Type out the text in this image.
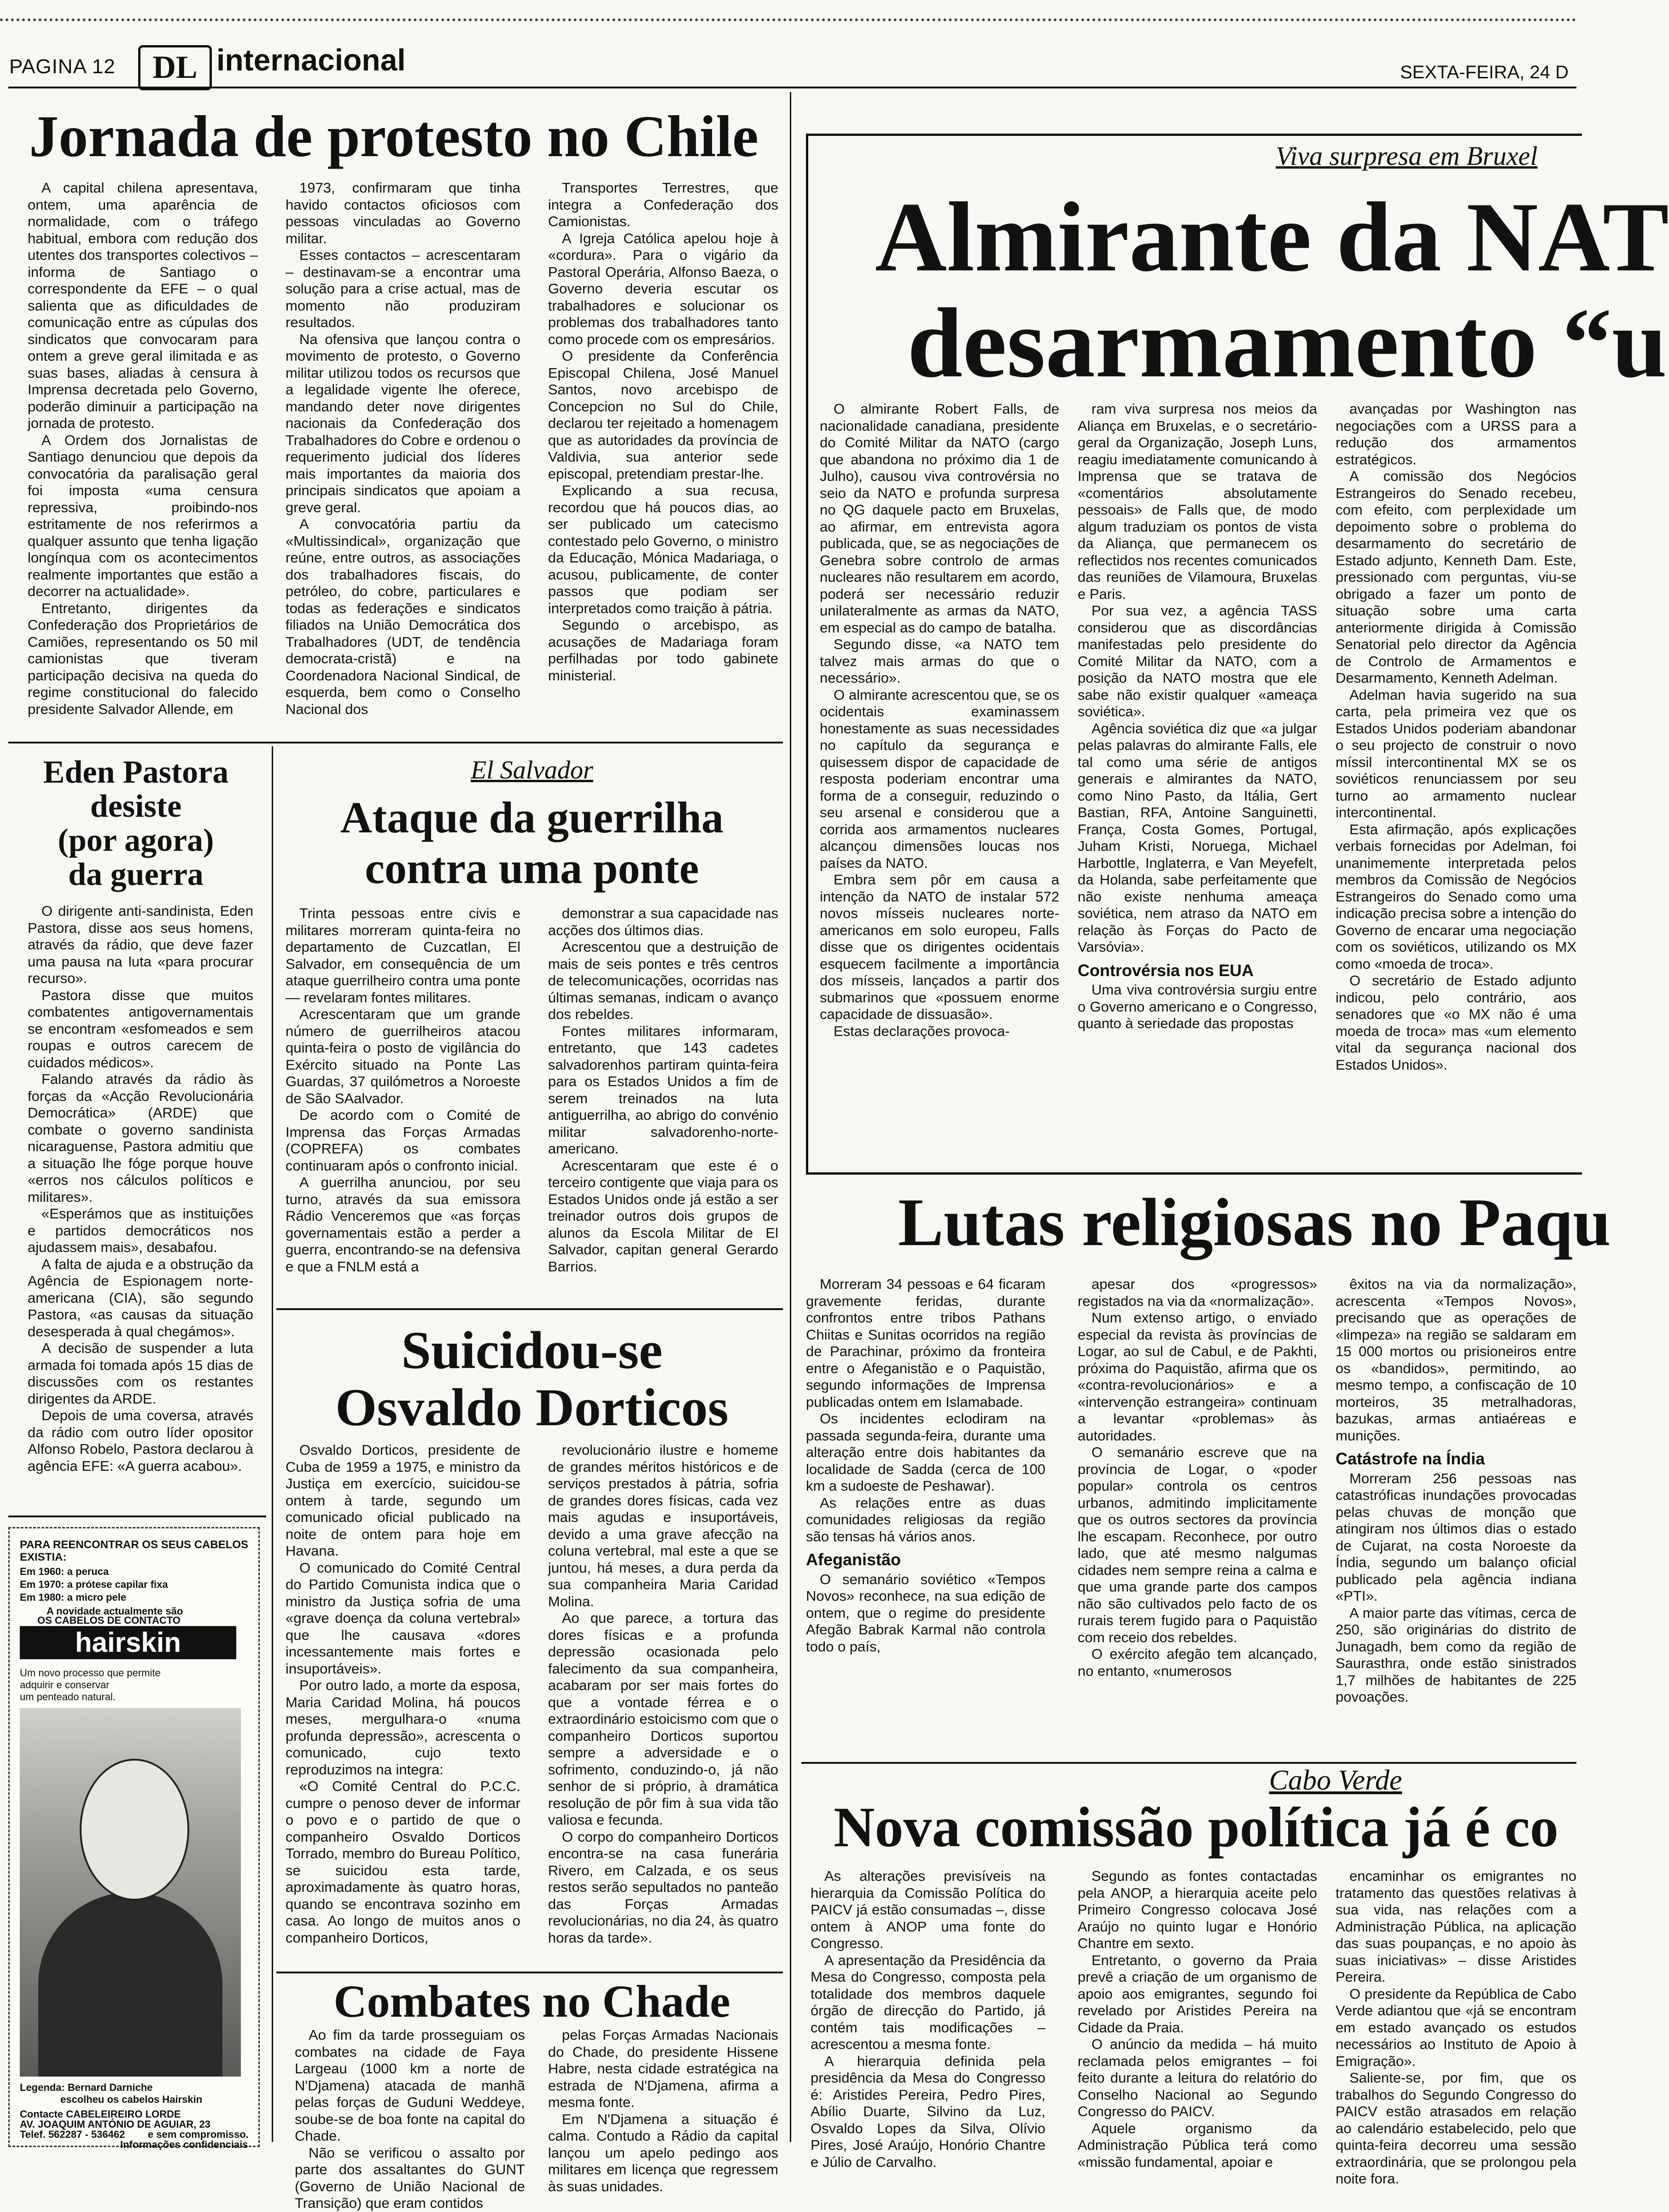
PAGINA 12	DL internacional	SEXTA-FEIRA, 24 D
Jornada de protesto no Chile

A capital chilena apresentava, ontem, uma aparência de normalidade, com o tráfego habitual, embora com redução dos utentes dos transportes colectivos – informa de Santiago o correspondente da EFE – o qual salienta que as dificuldades de comunicação entre as cúpulas dos sindicatos que convocaram para ontem a greve geral ilimitada e as suas bases, aliadas à censura à Imprensa decretada pelo Governo, poderão diminuir a participação na jornada de protesto.

A Ordem dos Jornalistas de Santiago denunciou que depois da convocatória da paralisação geral foi imposta «uma censura repressiva, proibindo-nos estritamente de nos referirmos a qualquer assunto que tenha ligação longínqua com os acontecimentos realmente importantes que estão a decorrer na actualidade».

Entretanto, dirigentes da Confederação dos Proprietários de Camiões, representando os 50 mil camionistas que tiveram participação decisiva na queda do regime constitucional do falecido presidente Salvador Allende, em

1973, confirmaram que tinha havido contactos oficiosos com pessoas vinculadas ao Governo militar.

Esses contactos – acrescentaram – destinavam-se a encontrar uma solução para a crise actual, mas de momento não produziram resultados.

Na ofensiva que lançou contra o movimento de protesto, o Governo militar utilizou todos os recursos que a legalidade vigente lhe oferece, mandando deter nove dirigentes nacionais da Confederação dos Trabalhadores do Cobre e ordenou o requerimento judicial dos líderes mais importantes da maioria dos principais sindicatos que apoiam a greve geral.

A convocatória partiu da «Multissindical», organização que reúne, entre outros, as associações dos trabalhadores fiscais, do petróleo, do cobre, particulares e todas as federações e sindicatos filiados na União Democrática dos Trabalhadores (UDT, de tendência democrata-cristã) e na Coordenadora Nacional Sindical, de esquerda, bem como o Conselho Nacional dos

Transportes Terrestres, que integra a Confederação dos Camionistas.

A Igreja Católica apelou hoje à «cordura». Para o vigário da Pastoral Operária, Alfonso Baeza, o Governo deveria escutar os trabalhadores e solucionar os problemas dos trabalhadores tanto como procede com os empresários.

O presidente da Conferência Episcopal Chilena, José Manuel Santos, novo arcebispo de Concepcion no Sul do Chile, declarou ter rejeitado a homenagem que as autoridades da província de Valdivia, sua anterior sede episcopal, pretendiam prestar-lhe.

Explicando a sua recusa, recordou que há poucos dias, ao ser publicado um catecismo contestado pelo Governo, o ministro da Educação, Mónica Madariaga, o acusou, publicamente, de conter passos que podiam ser interpretados como traição à pátria.

Segundo o arcebispo, as acusações de Madariaga foram perfilhadas por todo gabinete ministerial.

Eden Pastora
desiste
(por agora)
da guerra

O dirigente anti-sandinista, Eden Pastora, disse aos seus homens, através da rádio, que deve fazer uma pausa na luta «para procurar recurso».

Pastora disse que muitos combatentes antigovernamentais se encontram «esfomeados e sem roupas e outros carecem de cuidados médicos».

Falando através da rádio às forças da «Acção Revolucionária Democrática» (ARDE) que combate o governo sandinista nicaraguense, Pastora admitiu que a situação lhe fóge porque houve «erros nos cálculos políticos e militares».

«Esperámos que as instituições e partidos democráticos nos ajudassem mais», desabafou.

A falta de ajuda e a obstrução da Agência de Espionagem norte-americana (CIA), são segundo Pastora, «as causas da situação desesperada à qual chegámos».

A decisão de suspender a luta armada foi tomada após 15 dias de discussões com os restantes dirigentes da ARDE.

Depois de uma coversa, através da rádio com outro líder opositor Alfonso Robelo, Pastora declarou à agência EFE: «A guerra acabou».

El Salvador
Ataque da guerrilha
contra uma ponte

Trinta pessoas entre civis e militares morreram quinta-feira no departamento de Cuzcatlan, El Salvador, em consequência de um ataque guerrilheiro contra uma ponte — revelaram fontes militares.

Acrescentaram que um grande número de guerrilheiros atacou quinta-feira o posto de vigilância do Exército situado na Ponte Las Guardas, 37 quilómetros a Noroeste de São SAalvador.

De acordo com o Comité de Imprensa das Forças Armadas (COPREFA) os combates continuaram após o confronto inicial.

A guerrilha anunciou, por seu turno, através da sua emissora Rádio Venceremos que «as forças governamentais estão a perder a guerra, encontrando-se na defensiva e que a FNLM está a

demonstrar a sua capacidade nas acções dos últimos dias.

Acrescentou que a destruição de mais de seis pontes e três centros de telecomunicações, ocorridas nas últimas semanas, indicam o avanço dos rebeldes.

Fontes militares informaram, entretanto, que 143 cadetes salvadorenhos partiram quinta-feira para os Estados Unidos a fim de serem treinados na luta antiguerrilha, ao abrigo do convénio militar salvadorenho-norte-americano.

Acrescentaram que este é o terceiro contigente que viaja para os Estados Unidos onde já estão a ser treinador outros dois grupos de alunos da Escola Militar de El Salvador, capitan general Gerardo Barrios.

Suicidou-se
Osvaldo Dorticos

Osvaldo Dorticos, presidente de Cuba de 1959 a 1975, e ministro da Justiça em exercício, suicidou-se ontem à tarde, segundo um comunicado oficial publicado na noite de ontem para hoje em Havana.

O comunicado do Comité Central do Partido Comunista indica que o ministro da Justiça sofria de uma «grave doença da coluna vertebral» que lhe causava «dores incessantemente mais fortes e insuportáveis».

Por outro lado, a morte da esposa, Maria Caridad Molina, há poucos meses, mergulhara-o «numa profunda depressão», acrescenta o comunicado, cujo texto reproduzimos na integra:

«O Comité Central do P.C.C. cumpre o penoso dever de informar o povo e o partido de que o companheiro Osvaldo Dorticos Torrado, membro do Bureau Político, se suicidou esta tarde, aproximadamente às quatro horas, quando se encontrava sozinho em casa. Ao longo de muitos anos o companheiro Dorticos,

revolucionário ilustre e homeme de grandes méritos históricos e de serviços prestados à pátria, sofria de grandes dores físicas, cada vez mais agudas e insuportáveis, devido a uma grave afecção na coluna vertebral, mal este a que se juntou, há meses, a dura perda da sua companheira Maria Caridad Molina.

Ao que parece, a tortura das dores físicas e a profunda depressão ocasionada pelo falecimento da sua companheira, acabaram por ser mais fortes do que a vontade férrea e o extraordinário estoicismo com que o companheiro Dorticos suportou sempre a adversidade e o sofrimento, conduzindo-o, já não senhor de si próprio, à dramática resolução de pôr fim à sua vida tão valiosa e fecunda.

O corpo do companheiro Dorticos encontra-se na casa funerária Rivero, em Calzada, e os seus restos serão sepultados no panteão das Forças Armadas revolucionárias, no dia 24, às quatro horas da tarde».

Combates no Chade

Ao fim da tarde prosseguiam os combates na cidade de Faya Largeau (1000 km a norte de N'Djamena) atacada de manhã pelas forças de Guduni Weddeye, soube-se de boa fonte na capital do Chade.

Não se verificou o assalto por parte dos assaltantes do GUNT (Governo de União Nacional de Transição) que eram contidos

pelas Forças Armadas Nacionais do Chade, do presidente Hissene Habre, nesta cidade estratégica na estrada de N'Djamena, afirma a mesma fonte.

Em N'Djamena a situação é calma. Contudo a Rádio da capital lançou um apelo pedingo aos militares em licença que regressem às suas unidades.

Viva surpresa em Bruxel
Almirante da NAT
desarmamento “u

O almirante Robert Falls, de nacionalidade canadiana, presidente do Comité Militar da NATO (cargo que abandona no próximo dia 1 de Julho), causou viva controvérsia no seio da NATO e profunda surpresa no QG daquele pacto em Bruxelas, ao afirmar, em entrevista agora publicada, que, se as negociações de Genebra sobre controlo de armas nucleares não resultarem em acordo, poderá ser necessário reduzir unilateralmente as armas da NATO, em especial as do campo de batalha.

Segundo disse, «a NATO tem talvez mais armas do que o necessário».

O almirante acrescentou que, se os ocidentais examinassem honestamente as suas necessidades no capítulo da segurança e quisessem dispor de capacidade de resposta poderiam encontrar uma forma de a conseguir, reduzindo o seu arsenal e considerou que a corrida aos armamentos nucleares alcançou dimensões loucas nos países da NATO.

Embra sem pôr em causa a intenção da NATO de instalar 572 novos mísseis nucleares norte-americanos em solo europeu, Falls disse que os dirigentes ocidentais esquecem facilmente a importância dos mísseis, lançados a partir dos submarinos que «possuem enorme capacidade de dissuasão».

Estas declarações provoca-

ram viva surpresa nos meios da Aliança em Bruxelas, e o secretário-geral da Organização, Joseph Luns, reagiu imediatamente comunicando à Imprensa que se tratava de «comentários absolutamente pessoais» de Falls que, de modo algum traduziam os pontos de vista da Aliança, que permanecem os reflectidos nos recentes comunicados das reuniões de Vilamoura, Bruxelas e Paris.

Por sua vez, a agência TASS considerou que as discordâncias manifestadas pelo presidente do Comité Militar da NATO, com a posição da NATO mostra que ele sabe não existir qualquer «ameaça soviética».

Agência soviética diz que «a julgar pelas palavras do almirante Falls, ele tal como uma série de antigos generais e almirantes da NATO, como Nino Pasto, da Itália, Gert Bastian, RFA, Antoine Sanguinetti, França, Costa Gomes, Portugal, Juham Kristi, Noruega, Michael Harbottle, Inglaterra, e Van Meyefelt, da Holanda, sabe perfeitamente que não existe nenhuma ameaça soviética, nem atraso da NATO em relação às Forças do Pacto de Varsóvia».

Controvérsia nos EUA

Uma viva controvérsia surgiu entre o Governo americano e o Congresso, quanto à seriedade das propostas

avançadas por Washington nas negociações com a URSS para a redução dos armamentos estratégicos.

A comissão dos Negócios Estrangeiros do Senado recebeu, com efeito, com perplexidade um depoimento sobre o problema do desarmamento do secretário de Estado adjunto, Kenneth Dam. Este, pressionado com perguntas, viu-se obrigado a fazer um ponto de situação sobre uma carta anteriormente dirigida à Comissão Senatorial pelo director da Agência de Controlo de Armamentos e Desarmamento, Kenneth Adelman.

Adelman havia sugerido na sua carta, pela primeira vez que os Estados Unidos poderiam abandonar o seu projecto de construir o novo míssil intercontinental MX se os soviéticos renunciassem por seu turno ao armamento nuclear intercontinental.

Esta afirmação, após explicações verbais fornecidas por Adelman, foi unanimemente interpretada pelos membros da Comissão de Negócios Estrangeiros do Senado como uma indicação precisa sobre a intenção do Governo de encarar uma negociação com os soviéticos, utilizando os MX como «moeda de troca».

O secretário de Estado adjunto indicou, pelo contrário, aos senadores que «o MX não é uma moeda de troca» mas «um elemento vital da segurança nacional dos Estados Unidos».

Lutas religiosas no Paqu

Morreram 34 pessoas e 64 ficaram gravemente feridas, durante confrontos entre tribos Pathans Chiitas e Sunitas ocorridos na região de Parachinar, próximo da fronteira entre o Afeganistão e o Paquistão, segundo informações de Imprensa publicadas ontem em Islamabade.

Os incidentes eclodiram na passada segunda-feira, durante uma alteração entre dois habitantes da localidade de Sadda (cerca de 100 km a sudoeste de Peshawar).

As relações entre as duas comunidades religiosas da região são tensas há vários anos.

Afeganistão

O semanário soviético «Tempos Novos» reconhece, na sua edição de ontem, que o regime do presidente Afegão Babrak Karmal não controla todo o país,

apesar dos «progressos» registados na via da «normalização».

Num extenso artigo, o enviado especial da revista às províncias de Logar, ao sul de Cabul, e de Pakhti, próxima do Paquistão, afirma que os «contra-revolucionários» e a «intervenção estrangeira» continuam a levantar «problemas» às autoridades.

O semanário escreve que na província de Logar, o «poder popular» controla os centros urbanos, admitindo implicitamente que os outros sectores da província lhe escapam. Reconhece, por outro lado, que até mesmo nalgumas cidades nem sempre reina a calma e que uma grande parte dos campos não são cultivados pelo facto de os rurais terem fugido para o Paquistão com receio dos rebeldes.

O exército afegão tem alcançado, no entanto, «numerosos

êxitos na via da normalização», acrescenta «Tempos Novos», precisando que as operações de «limpeza» na região se saldaram em 15 000 mortos ou prisioneiros entre os «bandidos», permitindo, ao mesmo tempo, a confiscação de 10 morteiros, 35 metralhadoras, bazukas, armas antiaéreas e munições.

Catástrofe na Índia

Morreram 256 pessoas nas catastróficas inundações provocadas pelas chuvas de monção que atingiram nos últimos dias o estado de Cujarat, na costa Noroeste da Índia, segundo um balanço oficial publicado pela agência indiana «PTI».

A maior parte das vítimas, cerca de 250, são originárias do distrito de Junagadh, bem como da região de Saurasthra, onde estão sinistrados 1,7 milhões de habitantes de 225 povoações.

Cabo Verde
Nova comissão política já é co

As alterações previsíveis na hierarquia da Comissão Política do PAICV já estão consumadas –, disse ontem à ANOP uma fonte do Congresso.

A apresentação da Presidência da Mesa do Congresso, composta pela totalidade dos membros daquele órgão de direcção do Partido, já contém tais modificações – acrescentou a mesma fonte.

A hierarquia definida pela presidência da Mesa do Congresso é: Aristides Pereira, Pedro Pires, Abílio Duarte, Silvino da Luz, Osvaldo Lopes da Silva, Olívio Pires, José Araújo, Honório Chantre e Júlio de Carvalho.

Segundo as fontes contactadas pela ANOP, a hierarquia aceite pelo Primeiro Congresso colocava José Araújo no quinto lugar e Honório Chantre em sexto.

Entretanto, o governo da Praia prevê a criação de um organismo de apoio aos emigrantes, segundo foi revelado por Aristides Pereira na Cidade da Praia.

O anúncio da medida – há muito reclamada pelos emigrantes – foi feito durante a leitura do relatório do Conselho Nacional ao Segundo Congresso do PAICV.

Aquele organismo da Administração Pública terá como «missão fundamental, apoiar e

encaminhar os emigrantes no tratamento das questões relativas à sua vida, nas relações com a Administração Pública, na aplicação das suas poupanças, e no apoio às suas iniciativas» – disse Aristides Pereira.

O presidente da República de Cabo Verde adiantou que «já se encontram em estado avançado os estudos necessários ao Instituto de Apoio à Emigração».

Saliente-se, por fim, que os trabalhos do Segundo Congresso do PAICV estão atrasados em relação ao calendário estabelecido, pelo que quinta-feira decorreu uma sessão extraordinária, que se prolongou pela noite fora.

PARA REENCONTRAR OS SEUS CABELOS EXISTIA:
Em 1960: a peruca
Em 1970: a prótese capilar fixa
Em 1980: a micro pele
A novidade actualmente são
OS CABELOS DE CONTACTO
hairskin
Um novo processo que permite
adquirir e conservar
um penteado natural.
Legenda: Bernard Darniche
escolheu os cabelos Hairskin
Contacte CABELEIREIRO LORDE
AV. JOAQUIM ANTÓNIO DE AGUIAR, 23
Telef. 562287 - 536462
Informações confidenciais
e sem compromisso.
